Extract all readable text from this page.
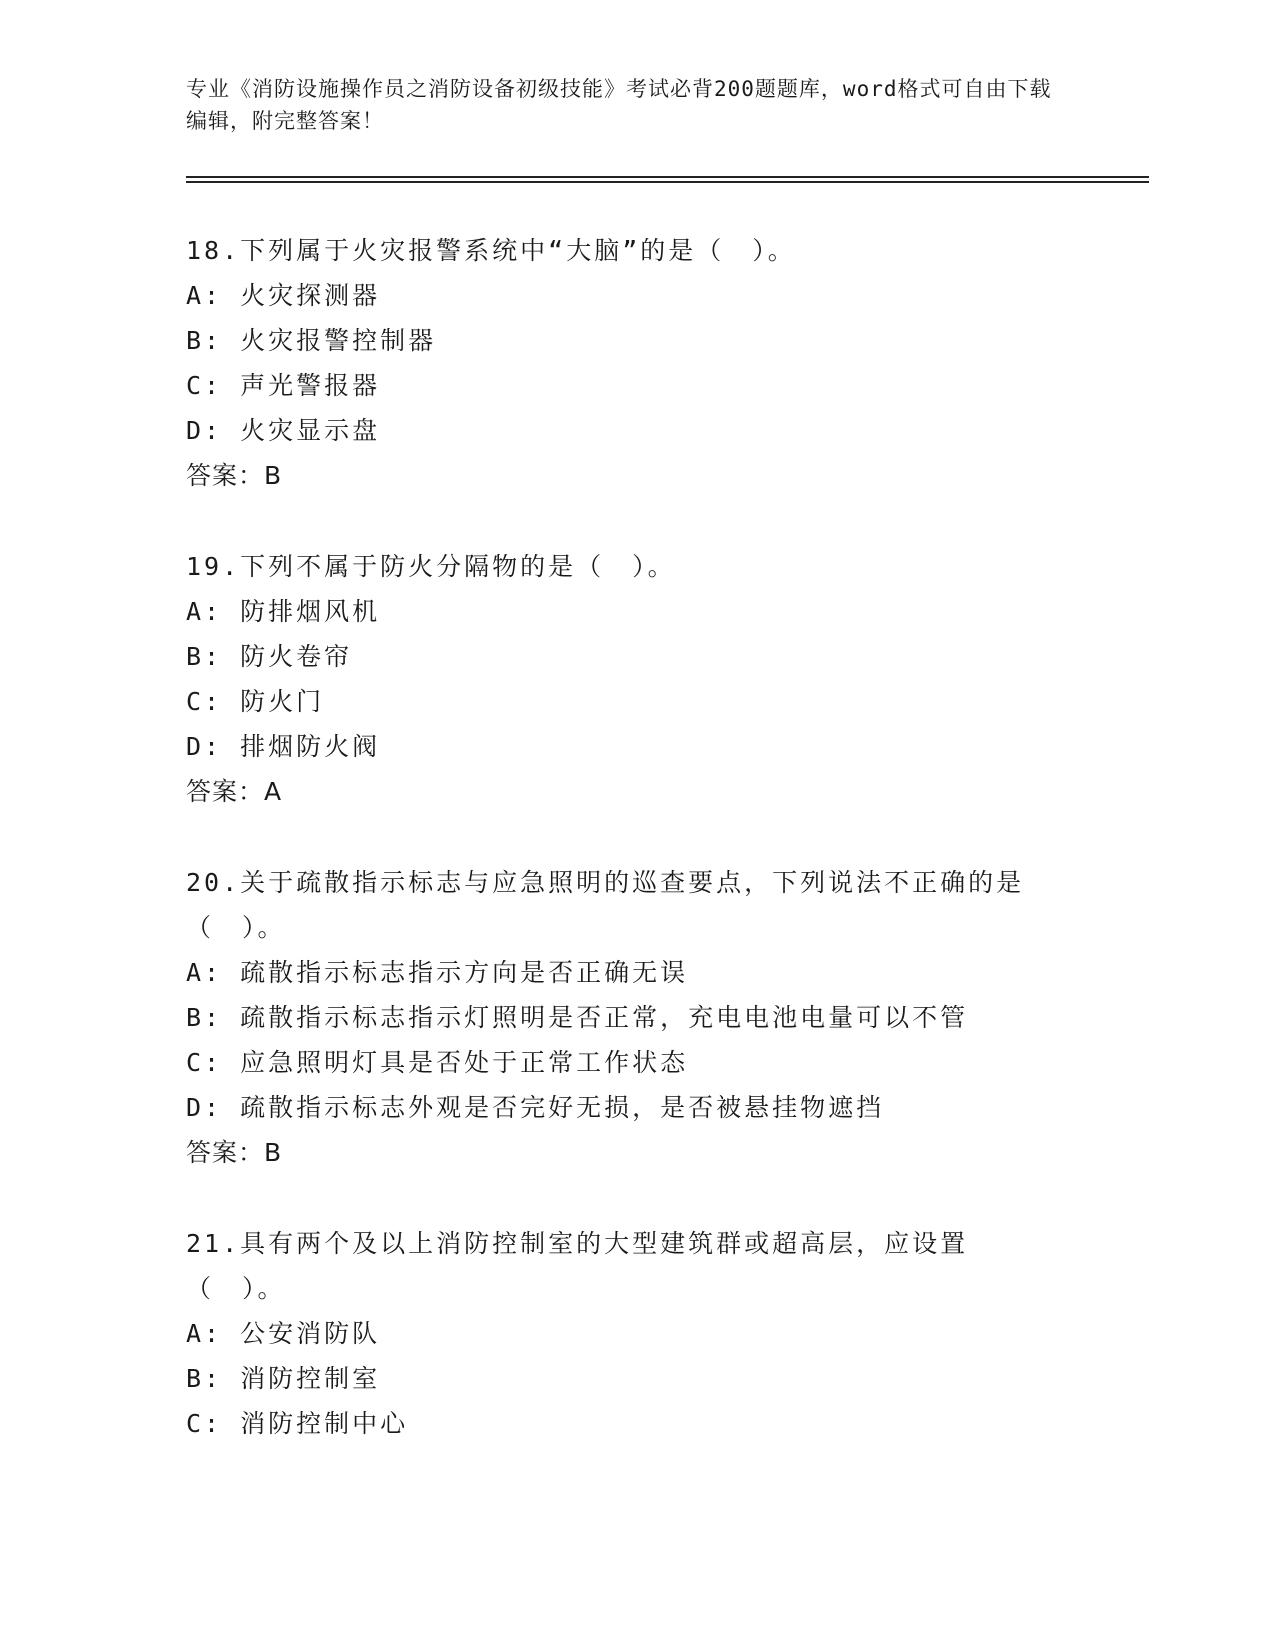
专业《消防设施操作员之消防设备初级技能》考试必背200题题库，word格式可自由下载编辑，附完整答案！
18.下列属于火灾报警系统中“大脑”的是（　）。
A: 火灾探测器
B: 火灾报警控制器
C: 声光警报器
D: 火灾显示盘
答案：B
19.下列不属于防火分隔物的是（　）。
A: 防排烟风机
B: 防火卷帘
C: 防火门
D: 排烟防火阀
答案：A
20.关于疏散指示标志与应急照明的巡查要点，下列说法不正确的是（　）。
A: 疏散指示标志指示方向是否正确无误
B: 疏散指示标志指示灯照明是否正常，充电电池电量可以不管
C: 应急照明灯具是否处于正常工作状态
D: 疏散指示标志外观是否完好无损，是否被悬挂物遮挡
答案：B
21.具有两个及以上消防控制室的大型建筑群或超高层，应设置（　）。
A: 公安消防队
B: 消防控制室
C: 消防控制中心
